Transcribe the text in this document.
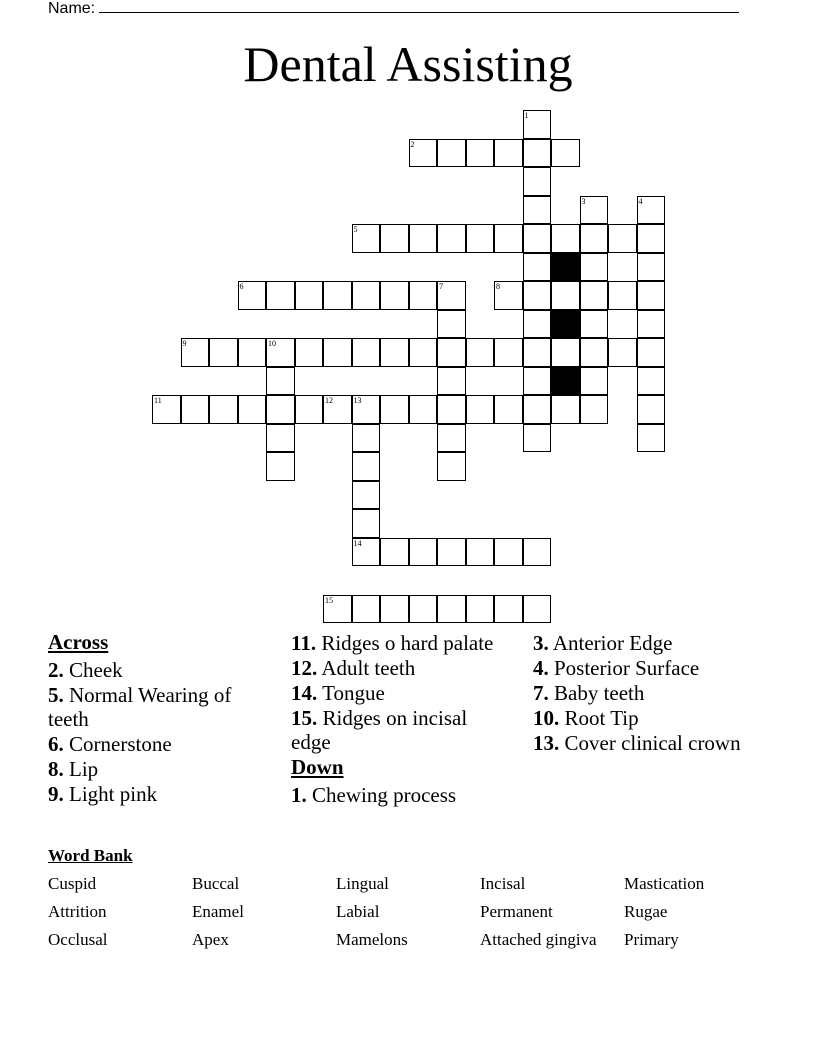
Name:
Dental Assisting
1
2
3	4
5
6	7	8
9	10
11	12	13
14
15
Across
2. Cheek
5. Normal Wearing of teeth
6. Cornerstone
8. Lip
9. Light pink
11. Ridges o hard palate
12. Adult teeth
14. Tongue
15. Ridges on incisal edge
Down
1. Chewing process
3. Anterior Edge
4. Posterior Surface
7. Baby teeth
10. Root Tip
13. Cover clinical crown
Word Bank
Cuspid	Buccal	Lingual	Incisal	Mastication
Attrition	Enamel	Labial	Permanent	Rugae
Occlusal	Apex	Mamelons	Attached gingiva	Primary
